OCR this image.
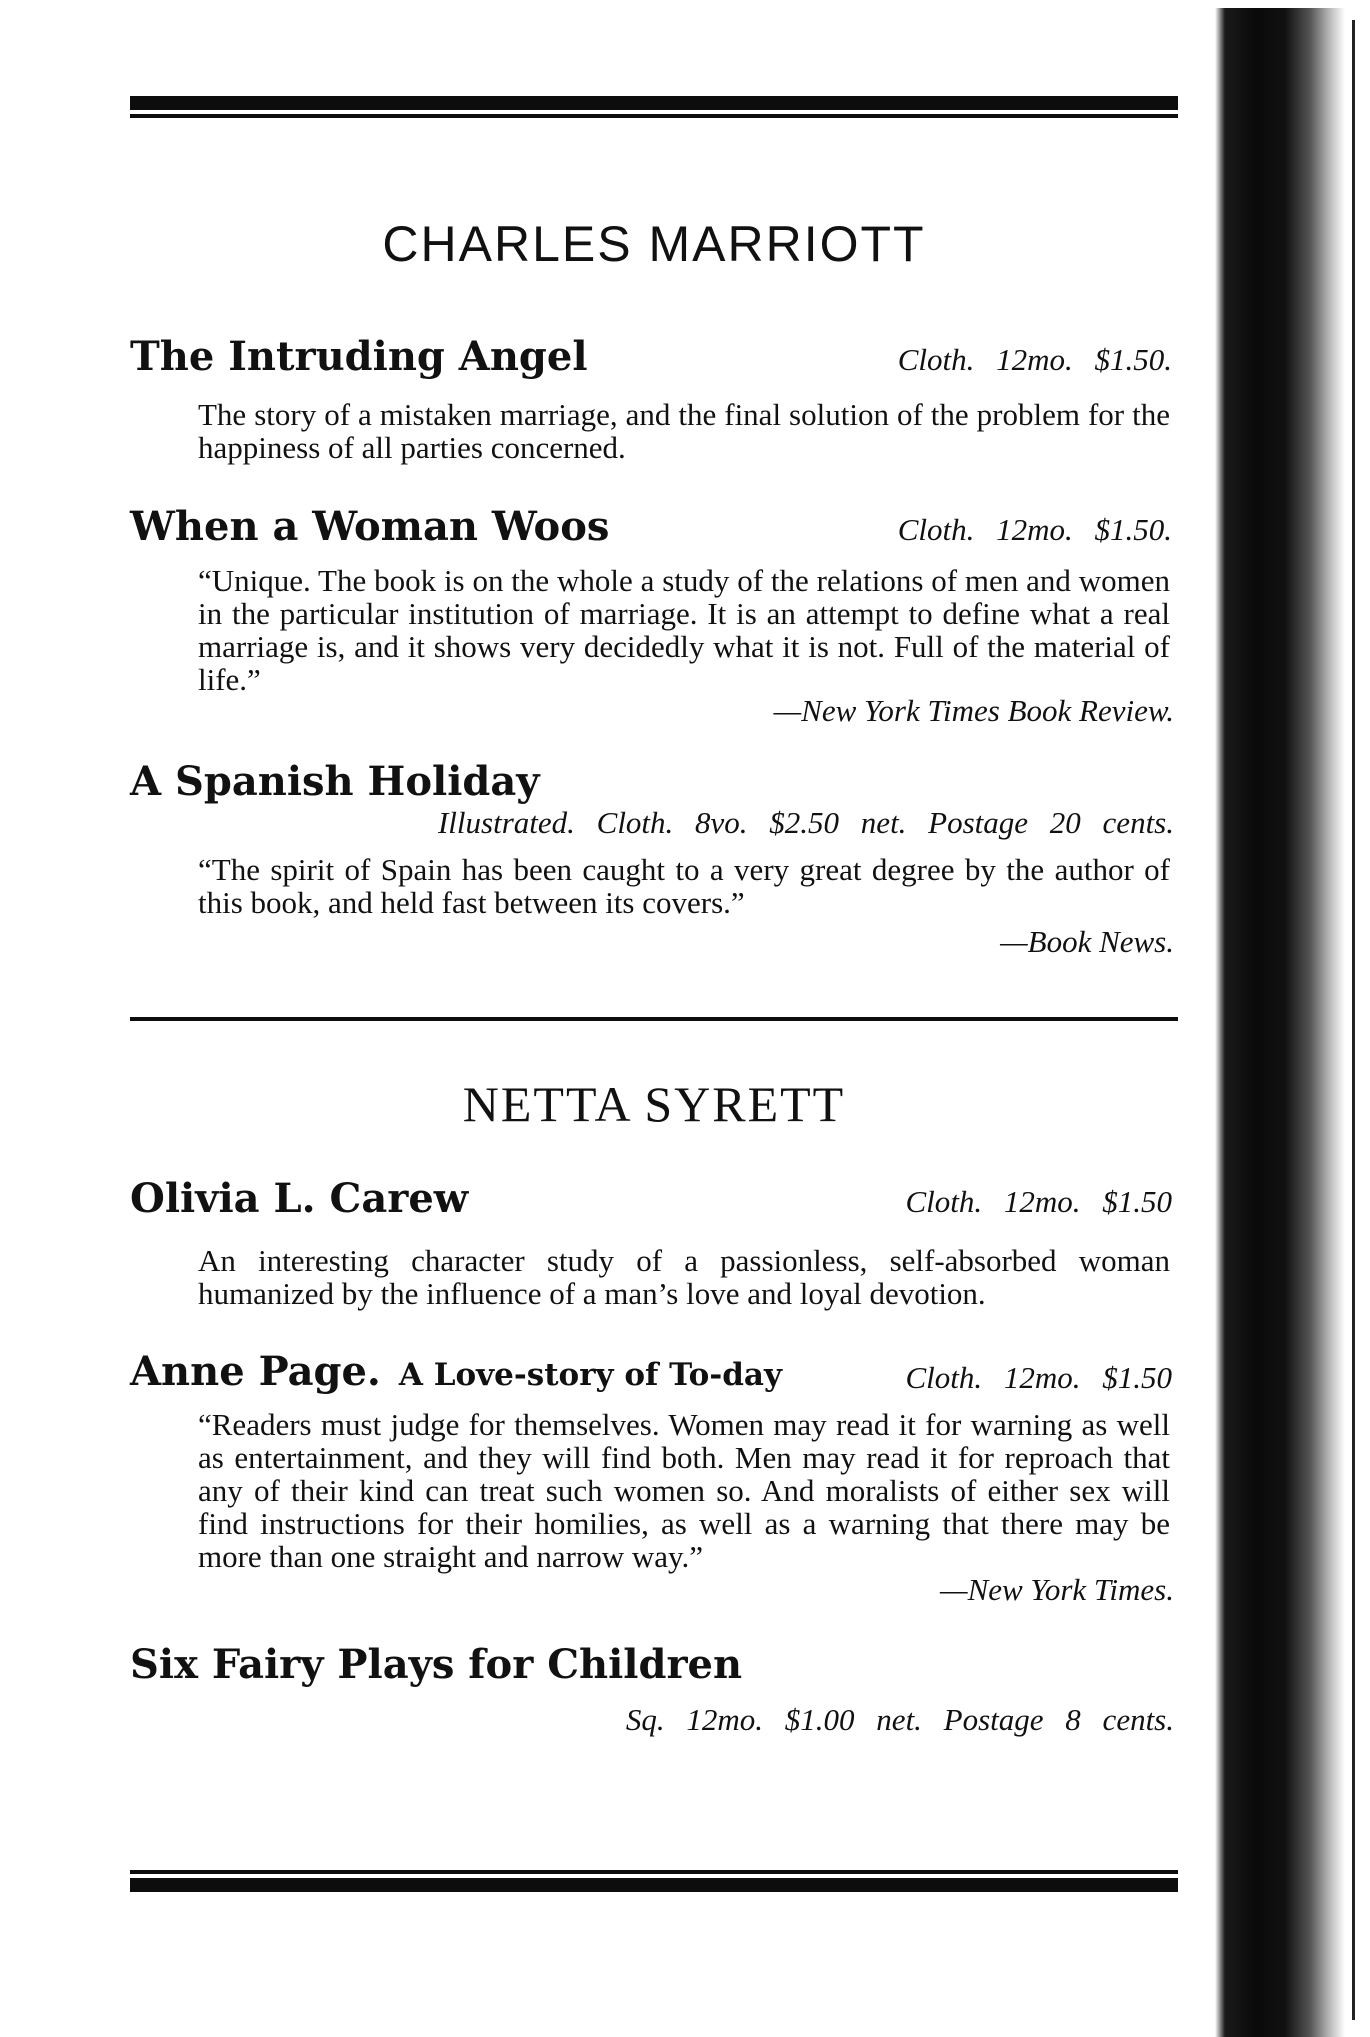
CHARLES MARRIOTT
The Intruding Angel	Cloth. 12mo. $1.50.
The story of a mistaken marriage, and the final solution of the problem for the happiness of all parties concerned.
When a Woman Woos	Cloth. 12mo. $1.50.
“Unique. The book is on the whole a study of the relations of men and women in the particular institution of marriage. It is an attempt to define what a real marriage is, and it shows very decidedly what it is not. Full of the material of life.”
—New York Times Book Review.
A Spanish Holiday
Illustrated. Cloth. 8vo. $2.50 net. Postage 20 cents.
“The spirit of Spain has been caught to a very great degree by the author of this book, and held fast between its covers.”
—Book News.
NETTA SYRETT
Olivia L. Carew	Cloth. 12mo. $1.50
An interesting character study of a passionless, self-absorbed woman humanized by the influence of a man’s love and loyal devotion.
Anne Page. A Love-story of To-day	Cloth. 12mo. $1.50
“Readers must judge for themselves. Women may read it for warning as well as entertainment, and they will find both. Men may read it for reproach that any of their kind can treat such women so. And moralists of either sex will find instructions for their homilies, as well as a warning that there may be more than one straight and narrow way.”
—New York Times.
Six Fairy Plays for Children
Sq. 12mo. $1.00 net. Postage 8 cents.
